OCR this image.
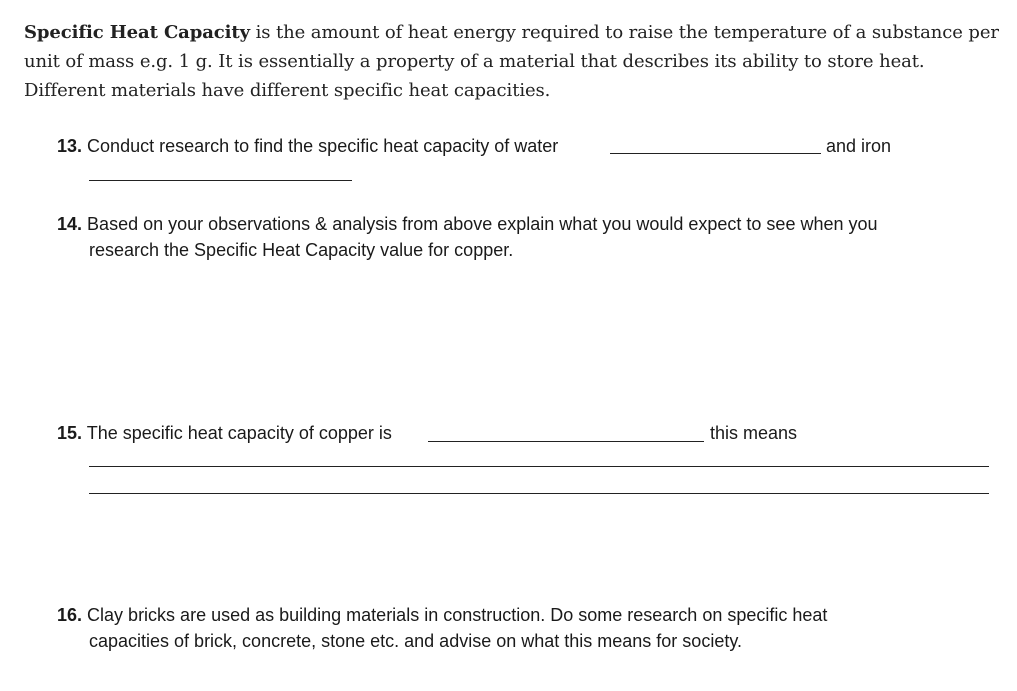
Specific Heat Capacity is the amount of heat energy required to raise the temperature of a substance per unit of mass e.g. 1 g. It is essentially a property of a material that describes its ability to store heat. Different materials have different specific heat capacities.

13. Conduct research to find the specific heat capacity of water	and iron
14. Based on your observations & analysis from above explain what you would expect to see when you
research the Specific Heat Capacity value for copper.
15. The specific heat capacity of copper is	this means
16. Clay bricks are used as building materials in construction. Do some research on specific heat
capacities of brick, concrete, stone etc. and advise on what this means for society.
